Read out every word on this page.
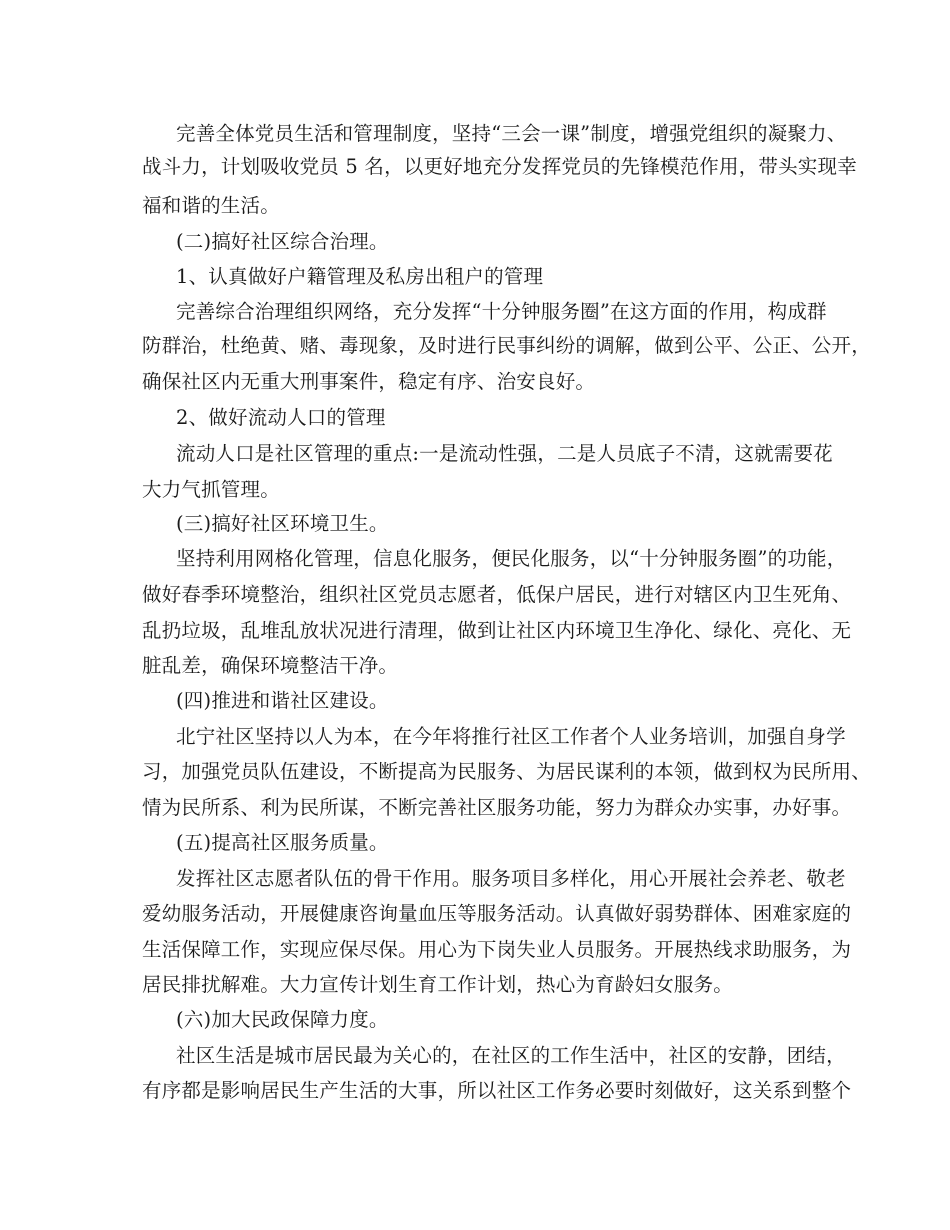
完善全体党员生活和管理制度，坚持“三会一课”制度，增强党组织的凝聚力、
战斗力，计划吸收党员 5 名，以更好地充分发挥党员的先锋模范作用，带头实现幸
福和谐的生活。
(二)搞好社区综合治理。
1、认真做好户籍管理及私房出租户的管理
完善综合治理组织网络，充分发挥“十分钟服务圈”在这方面的作用，构成群
防群治，杜绝黄、赌、毒现象，及时进行民事纠纷的调解，做到公平、公正、公开，
确保社区内无重大刑事案件，稳定有序、治安良好。
2、做好流动人口的管理
流动人口是社区管理的重点:一是流动性强，二是人员底子不清，这就需要花
大力气抓管理。
(三)搞好社区环境卫生。
坚持利用网格化管理，信息化服务，便民化服务，以“十分钟服务圈”的功能，
做好春季环境整治，组织社区党员志愿者，低保户居民，进行对辖区内卫生死角、
乱扔垃圾，乱堆乱放状况进行清理，做到让社区内环境卫生净化、绿化、亮化、无
脏乱差，确保环境整洁干净。
(四)推进和谐社区建设。
北宁社区坚持以人为本，在今年将推行社区工作者个人业务培训，加强自身学
习，加强党员队伍建设，不断提高为民服务、为居民谋利的本领，做到权为民所用、
情为民所系、利为民所谋，不断完善社区服务功能，努力为群众办实事，办好事。
(五)提高社区服务质量。
发挥社区志愿者队伍的骨干作用。服务项目多样化，用心开展社会养老、敬老
爱幼服务活动，开展健康咨询量血压等服务活动。认真做好弱势群体、困难家庭的
生活保障工作，实现应保尽保。用心为下岗失业人员服务。开展热线求助服务，为
居民排扰解难。大力宣传计划生育工作计划，热心为育龄妇女服务。
(六)加大民政保障力度。
社区生活是城市居民最为关心的，在社区的工作生活中，社区的安静，团结，
有序都是影响居民生产生活的大事，所以社区工作务必要时刻做好，这关系到整个
